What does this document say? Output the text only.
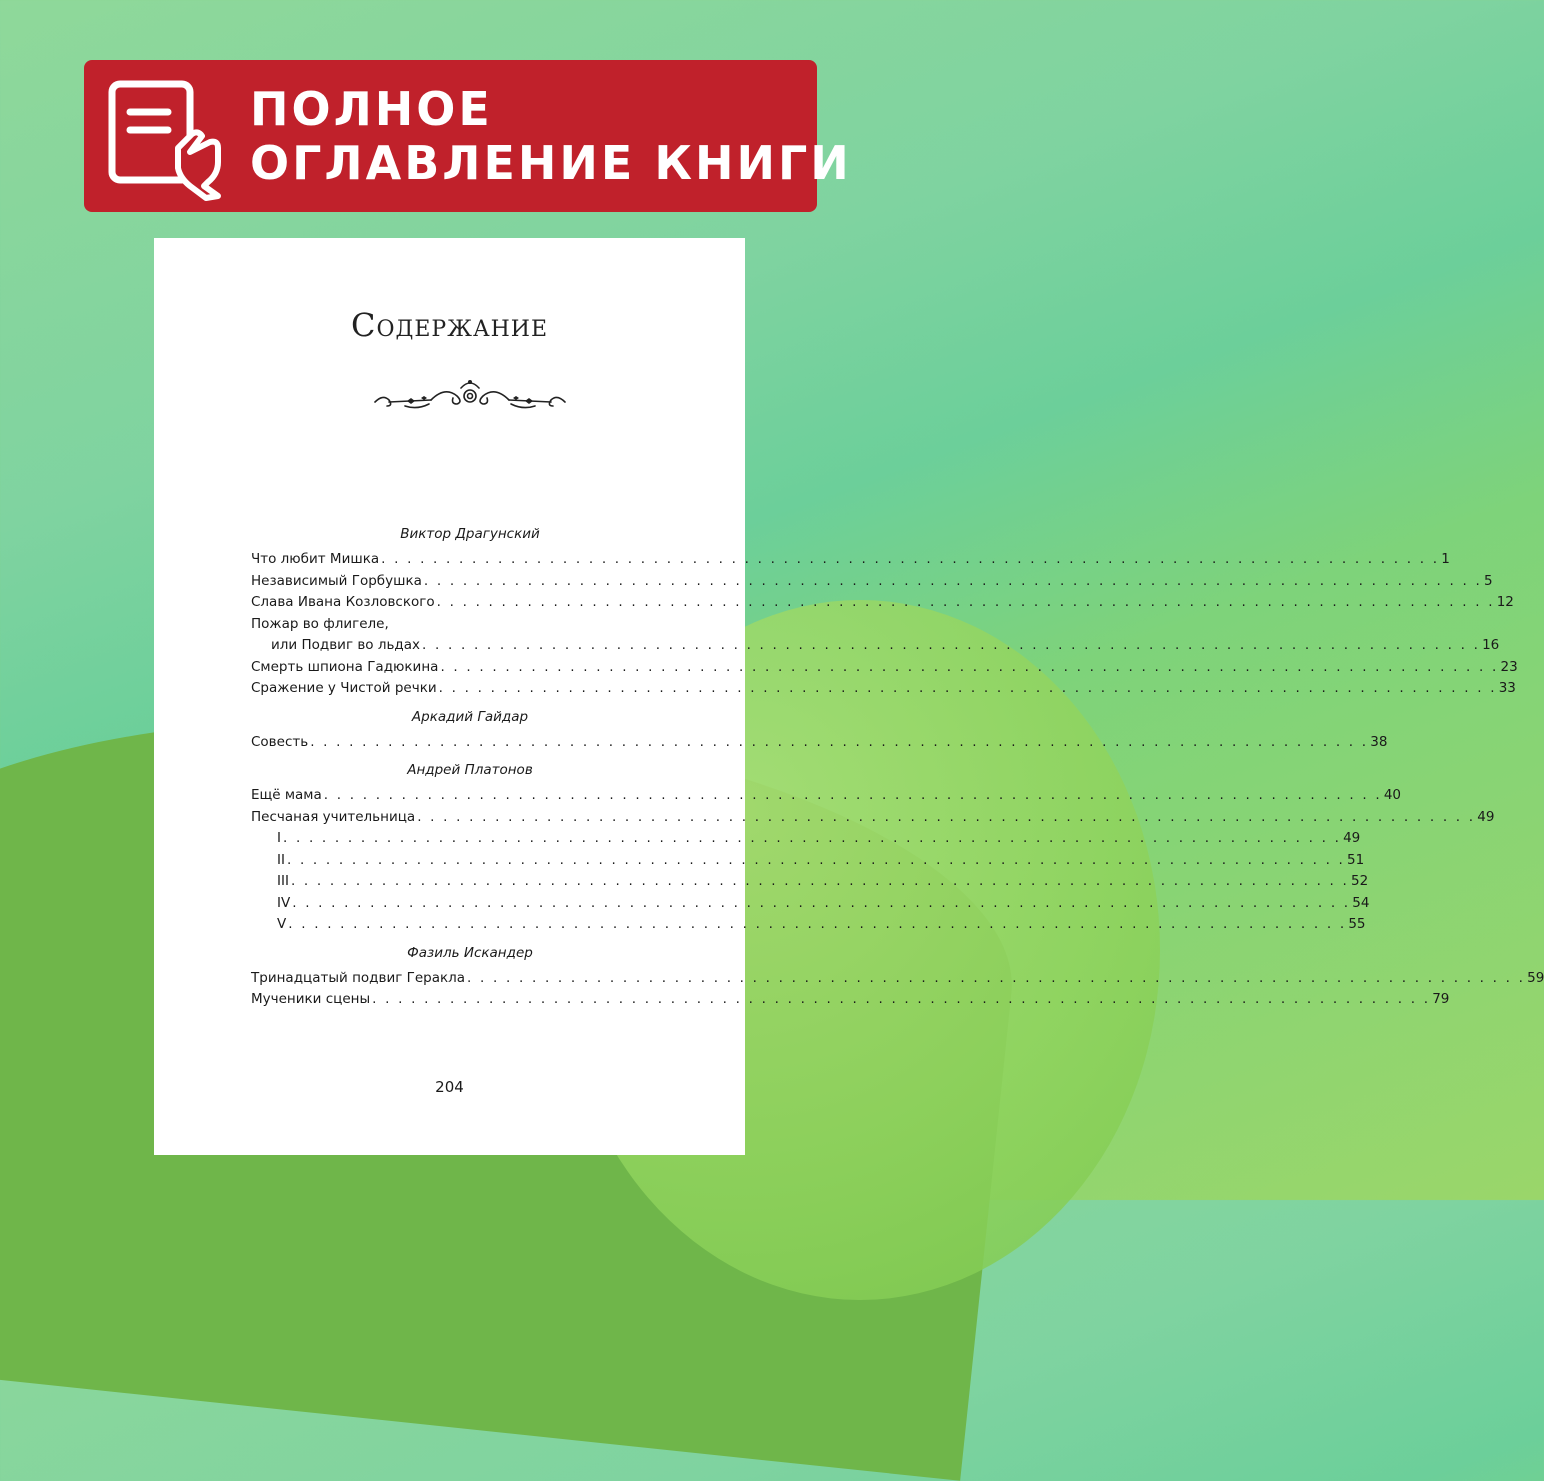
ПОЛНОЕ
ОГЛАВЛЕНИЕ КНИГИ
Содержание
Виктор Драгунский
Что любит Мишка . . . . . . . . . . . . . . . . . . . . . . . . . . . . . . . . . . . . . . . . . . . . . . . . . . . . . . . . . . . . . . . . . . . . . . . . . . . . . . . . . . 1
Независимый Горбушка . . . . . . . . . . . . . . . . . . . . . . . . . . . . . . . . . . . . . . . . . . . . . . . . . . . . . . . . . . . . . . . . . . . . . . . . . . . . . . . . . . 5
Слава Ивана Козловского . . . . . . . . . . . . . . . . . . . . . . . . . . . . . . . . . . . . . . . . . . . . . . . . . . . . . . . . . . . . . . . . . . . . . . . . . . . . . . . . . . 12
Пожар во флигеле,
или Подвиг во льдах . . . . . . . . . . . . . . . . . . . . . . . . . . . . . . . . . . . . . . . . . . . . . . . . . . . . . . . . . . . . . . . . . . . . . . . . . . . . . . . . . . 16
Смерть шпиона Гадюкина . . . . . . . . . . . . . . . . . . . . . . . . . . . . . . . . . . . . . . . . . . . . . . . . . . . . . . . . . . . . . . . . . . . . . . . . . . . . . . . . . . 23
Сражение у Чистой речки . . . . . . . . . . . . . . . . . . . . . . . . . . . . . . . . . . . . . . . . . . . . . . . . . . . . . . . . . . . . . . . . . . . . . . . . . . . . . . . . . . 33
Аркадий Гайдар
Совесть . . . . . . . . . . . . . . . . . . . . . . . . . . . . . . . . . . . . . . . . . . . . . . . . . . . . . . . . . . . . . . . . . . . . . . . . . . . . . . . . . . 38
Андрей Платонов
Ещё мама . . . . . . . . . . . . . . . . . . . . . . . . . . . . . . . . . . . . . . . . . . . . . . . . . . . . . . . . . . . . . . . . . . . . . . . . . . . . . . . . . . 40
Песчаная учительница . . . . . . . . . . . . . . . . . . . . . . . . . . . . . . . . . . . . . . . . . . . . . . . . . . . . . . . . . . . . . . . . . . . . . . . . . . . . . . . . . . 49
I . . . . . . . . . . . . . . . . . . . . . . . . . . . . . . . . . . . . . . . . . . . . . . . . . . . . . . . . . . . . . . . . . . . . . . . . . . . . . . . . . . 49
II . . . . . . . . . . . . . . . . . . . . . . . . . . . . . . . . . . . . . . . . . . . . . . . . . . . . . . . . . . . . . . . . . . . . . . . . . . . . . . . . . . 51
III . . . . . . . . . . . . . . . . . . . . . . . . . . . . . . . . . . . . . . . . . . . . . . . . . . . . . . . . . . . . . . . . . . . . . . . . . . . . . . . . . . 52
IV . . . . . . . . . . . . . . . . . . . . . . . . . . . . . . . . . . . . . . . . . . . . . . . . . . . . . . . . . . . . . . . . . . . . . . . . . . . . . . . . . . 54
V . . . . . . . . . . . . . . . . . . . . . . . . . . . . . . . . . . . . . . . . . . . . . . . . . . . . . . . . . . . . . . . . . . . . . . . . . . . . . . . . . . 55
Фазиль Искандер
Тринадцатый подвиг Геракла . . . . . . . . . . . . . . . . . . . . . . . . . . . . . . . . . . . . . . . . . . . . . . . . . . . . . . . . . . . . . . . . . . . . . . . . . . . . . . . . . . 59
Мученики сцены . . . . . . . . . . . . . . . . . . . . . . . . . . . . . . . . . . . . . . . . . . . . . . . . . . . . . . . . . . . . . . . . . . . . . . . . . . . . . . . . . . 79
204
